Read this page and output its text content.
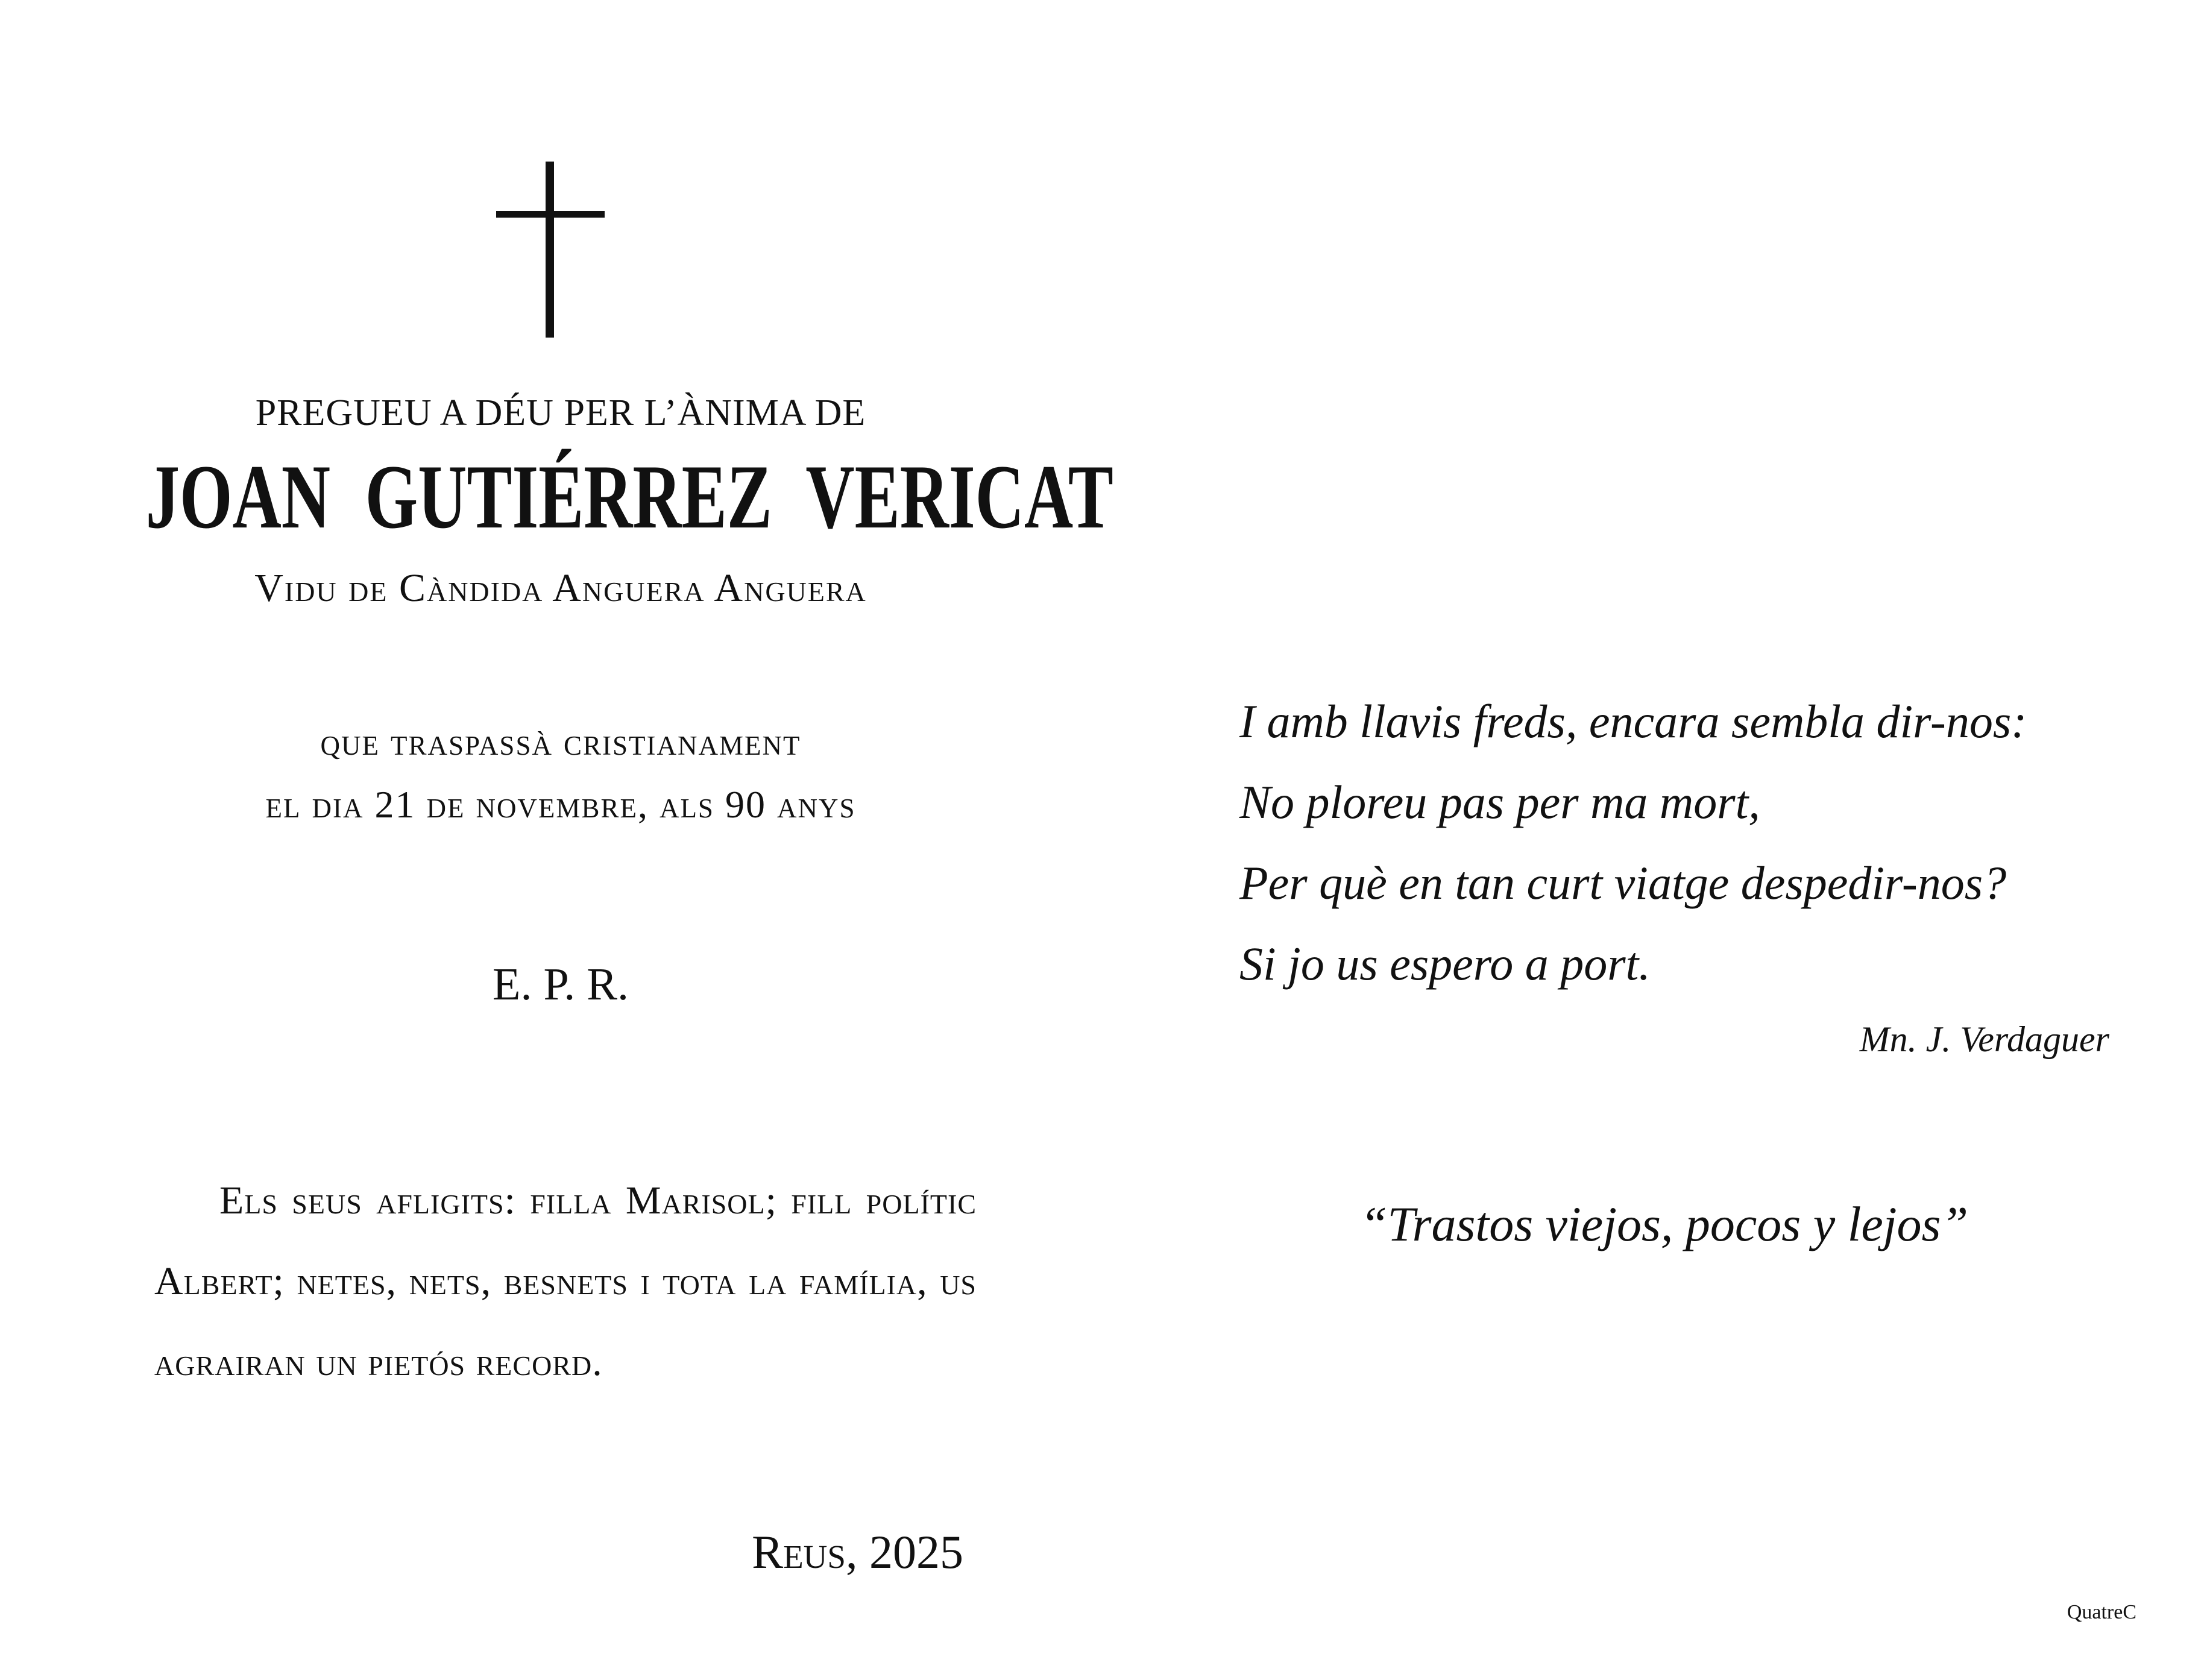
PREGUEU A DÉU PER L’ÀNIMA DE
JOAN GUTIÉRREZ VERICAT
Vidu de Càndida Anguera Anguera
que traspassà cristianament
el dia 21 de novembre, als 90 anys
E. P. R.
Els seus afligits: filla Marisol; fill polític Albert; netes, nets, besnets i tota la família, us agrairan un pietós record.
Reus, 2025
I amb llavis freds, encara sembla dir-nos:
No ploreu pas per ma mort,
Per què en tan curt viatge despedir-nos?
Si jo us espero a port.
Mn. J. Verdaguer
“Trastos viejos, pocos y lejos”
QuatreC
